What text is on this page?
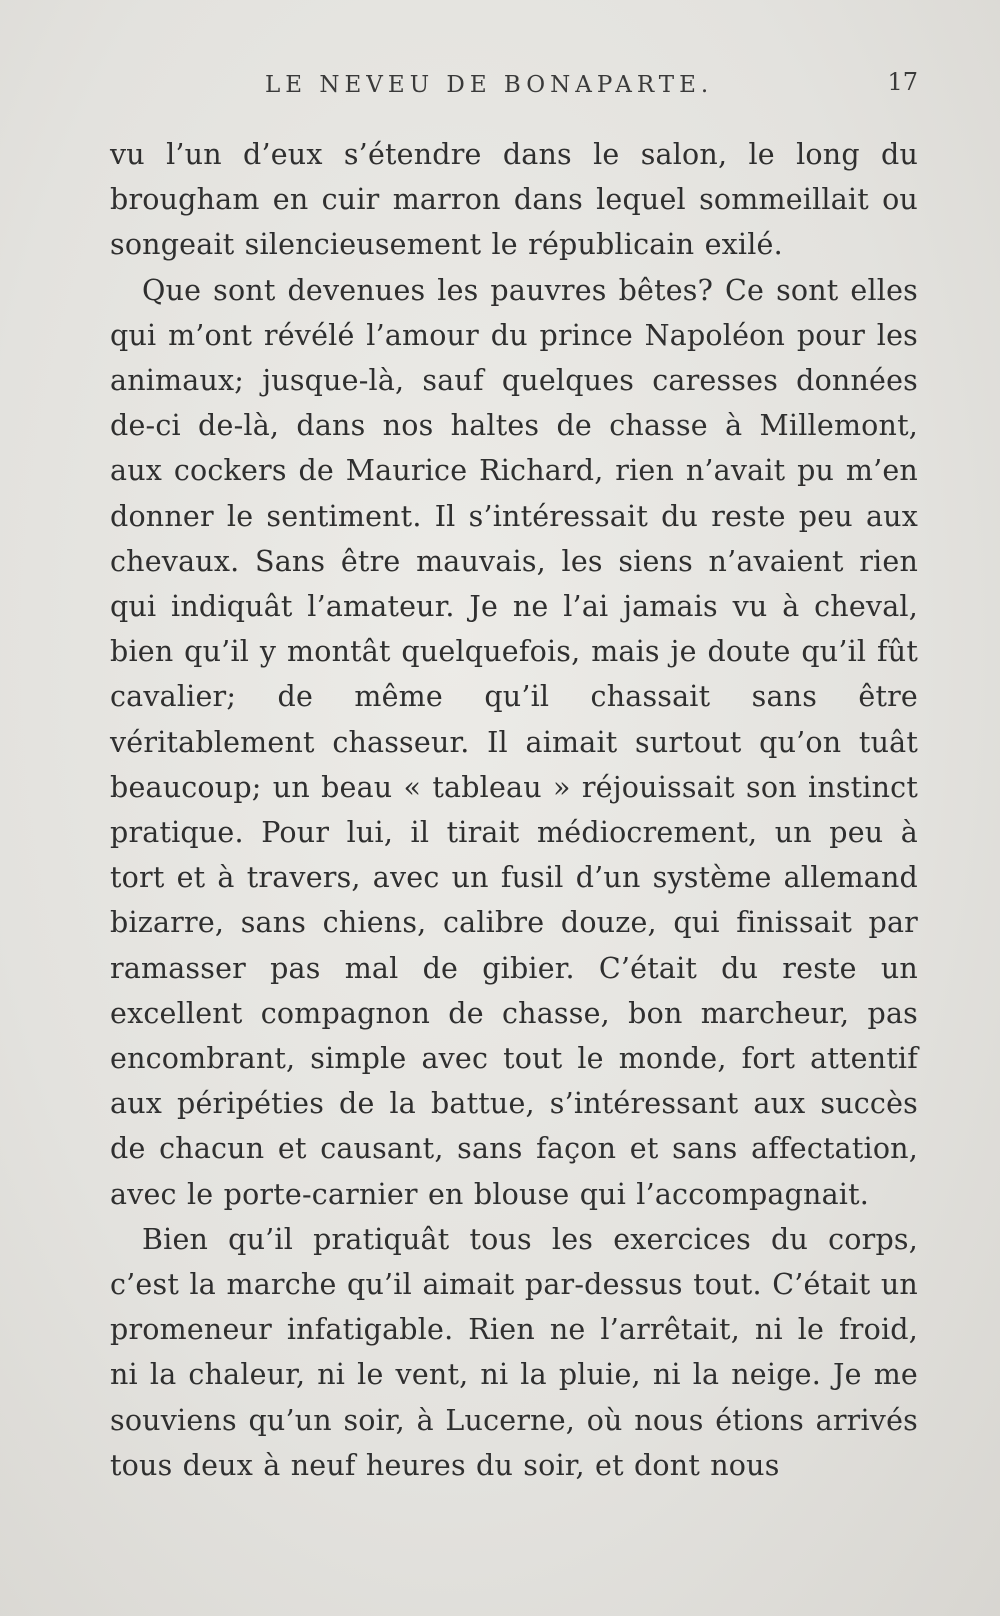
LE NEVEU DE BONAPARTE.	17

vu l’un d’eux s’étendre dans le salon, le long du brougham en cuir marron dans lequel sommeillait ou songeait silencieusement le républicain exilé.

Que sont devenues les pauvres bêtes? Ce sont elles qui m’ont révélé l’amour du prince Napoléon pour les animaux; jusque-là, sauf quelques caresses données de-ci de-là, dans nos haltes de chasse à Millemont, aux cockers de Maurice Richard, rien n’avait pu m’en donner le sentiment. Il s’intéressait du reste peu aux chevaux. Sans être mauvais, les siens n’avaient rien qui indiquât l’amateur. Je ne l’ai jamais vu à cheval, bien qu’il y montât quelquefois, mais je doute qu’il fût cavalier; de même qu’il chassait sans être véritablement chasseur. Il aimait surtout qu’on tuât beaucoup; un beau « tableau » réjouissait son instinct pratique. Pour lui, il tirait médiocrement, un peu à tort et à travers, avec un fusil d’un système allemand bizarre, sans chiens, calibre douze, qui finissait par ramasser pas mal de gibier. C’était du reste un excellent compagnon de chasse, bon marcheur, pas encombrant, simple avec tout le monde, fort attentif aux péripéties de la battue, s’intéressant aux succès de chacun et causant, sans façon et sans affectation, avec le porte-carnier en blouse qui l’accompagnait.

Bien qu’il pratiquât tous les exercices du corps, c’est la marche qu’il aimait par-dessus tout. C’était un promeneur infatigable. Rien ne l’arrêtait, ni le froid, ni la chaleur, ni le vent, ni la pluie, ni la neige. Je me souviens qu’un soir, à Lucerne, où nous étions arrivés tous deux à neuf heures du soir, et dont nous
